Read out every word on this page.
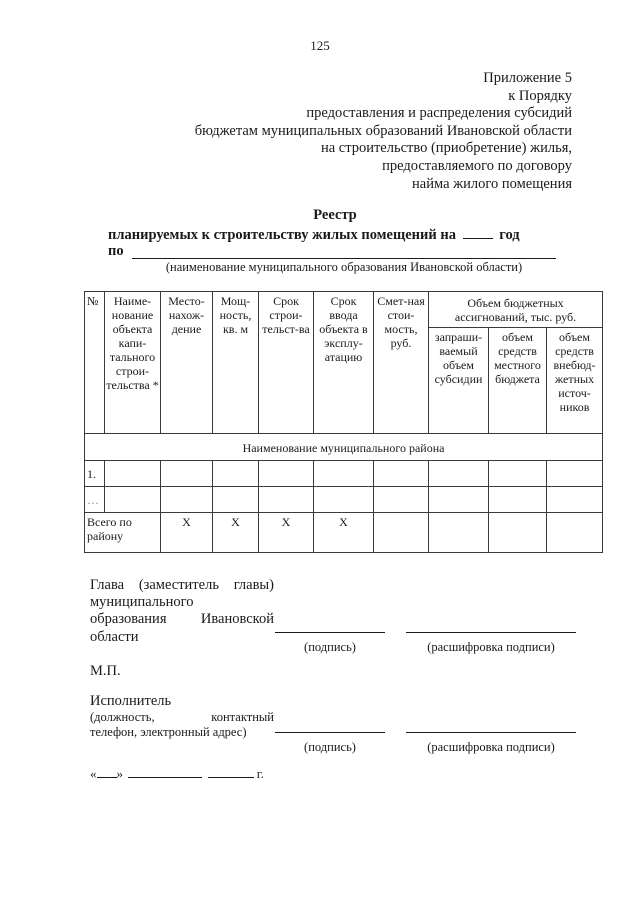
125
Приложение 5
к Порядку
предоставления и распределения субсидий
бюджетам муниципальных образований Ивановской области
на строительство (приобретение) жилья,
предоставляемого по договору
найма жилого помещения
Реестр
планируемых к строительству жилых помещений на	год
по
(наименование муниципального образования Ивановской области)
№	Наиме-нование объекта капи-тального строи-тельства *	Место-нахож-дение	Мощ-ность, кв. м	Срок строи-тельст-ва	Срок ввода объекта в эксплу-атацию	Смет-ная стои-мость, руб.	Объем бюджетных ассигнований, тыс. руб.		
							запраши-ваемый объем субсидии	объем средств местного бюджета	объем средств внебюд-жетных источ-ников
Наименование муниципального района									
1.									
…									
Всего по району		X	X	X	X				
Глава (заместитель главы)
муниципального
образования Ивановской
области
(подпись)	(расшифровка подписи)
М.П.
Исполнитель
(должность,	контактный
телефон, электронный адрес)
(подпись)	(расшифровка подписи)
« »	г.
